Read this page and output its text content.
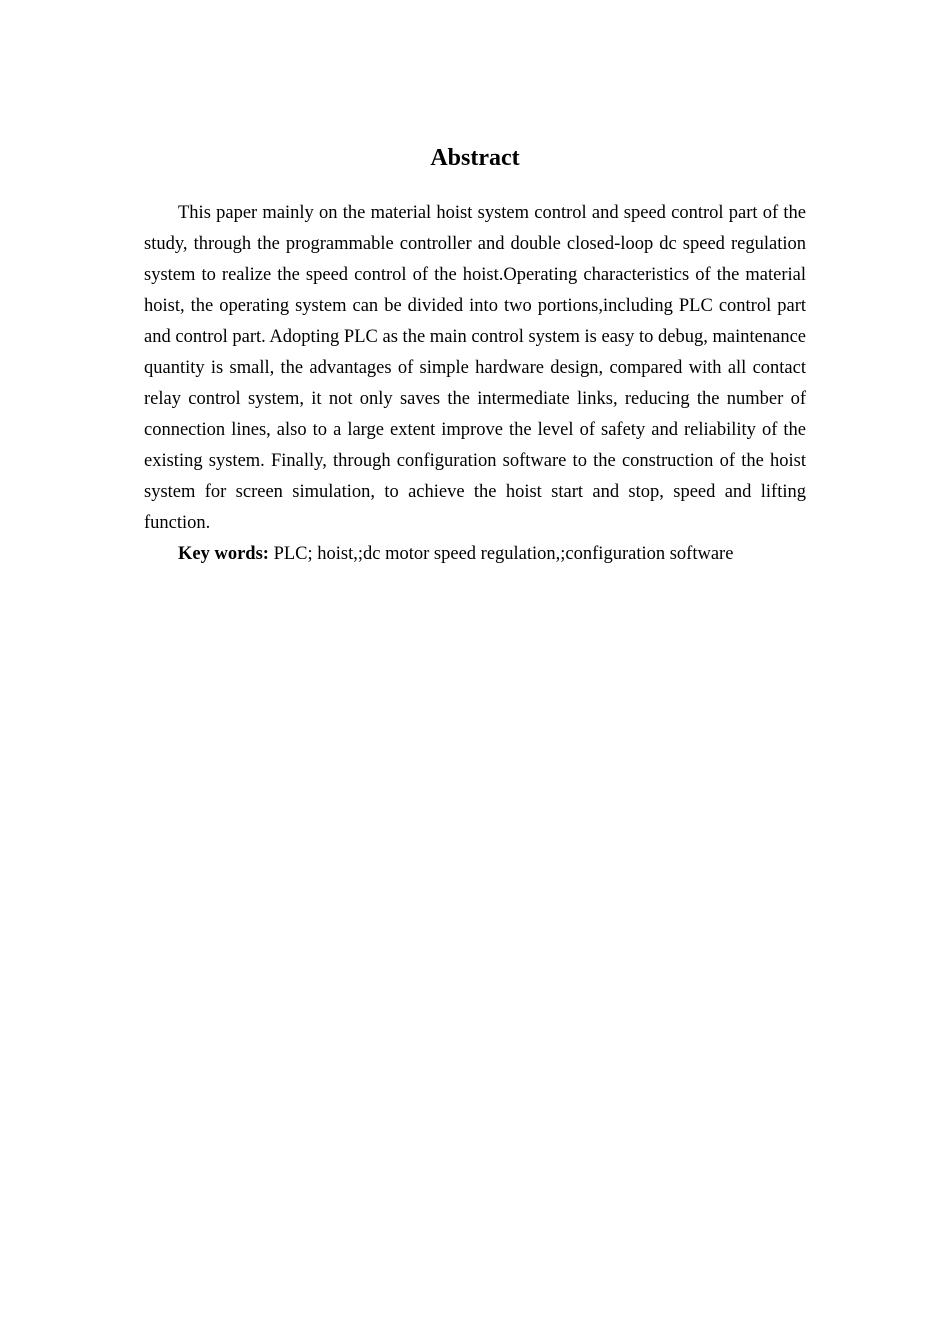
Abstract

This paper mainly on the material hoist system control and speed control part of the study, through the programmable controller and double closed-loop dc speed regulation system to realize the speed control of the hoist.Operating characteristics of the material hoist, the operating system can be divided into two portions,including PLC control part and control part. Adopting PLC as the main control system is easy to debug, maintenance quantity is small, the advantages of simple hardware design, compared with all contact relay control system, it not only saves the intermediate links, reducing the number of connection lines, also to a large extent improve the level of safety and reliability of the existing system. Finally, through configuration software to the construction of the hoist system for screen simulation, to achieve the hoist start and stop, speed and lifting function.

Key words: PLC; hoist,;dc motor speed regulation,;configuration software
